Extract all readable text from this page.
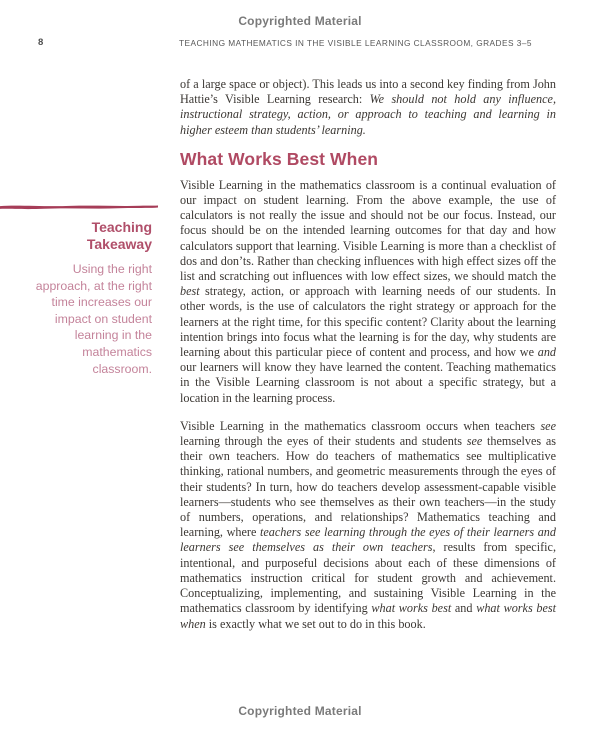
Copyrighted Material
8	TEACHING MATHEMATICS IN THE VISIBLE LEARNING CLASSROOM, GRADES 3–5
Teaching Takeaway
Using the right approach, at the right time increases our impact on student learning in the mathematics classroom.

of a large space or object). This leads us into a second key finding from John Hattie’s Visible Learning research: We should not hold any influence, instructional strategy, action, or approach to teaching and learning in higher esteem than students’ learning.

What Works Best When

Visible Learning in the mathematics classroom is a continual evaluation of our impact on student learning. From the above example, the use of calculators is not really the issue and should not be our focus. Instead, our focus should be on the intended learning outcomes for that day and how calculators support that learning. Visible Learning is more than a checklist of dos and don’ts. Rather than checking influences with high effect sizes off the list and scratching out influences with low effect sizes, we should match the best strategy, action, or approach with learning needs of our students. In other words, is the use of calculators the right strategy or approach for the learners at the right time, for this specific content? Clarity about the learning intention brings into focus what the learning is for the day, why students are learning about this particular piece of content and process, and how we and our learners will know they have learned the content. Teaching mathematics in the Visible Learning classroom is not about a specific strategy, but a location in the learning process.

Visible Learning in the mathematics classroom occurs when teachers see learning through the eyes of their students and students see themselves as their own teachers. How do teachers of mathematics see multiplicative thinking, rational numbers, and geometric measurements through the eyes of their students? In turn, how do teachers develop assessment-capable visible learners—students who see themselves as their own teachers—in the study of numbers, operations, and relationships? Mathematics teaching and learning, where teachers see learning through the eyes of their learners and learners see themselves as their own teachers, results from specific, intentional, and purposeful decisions about each of these dimensions of mathematics instruction critical for student growth and achievement. Conceptualizing, implementing, and sustaining Visible Learning in the mathematics classroom by identifying what works best and what works best when is exactly what we set out to do in this book.

Copyrighted Material
